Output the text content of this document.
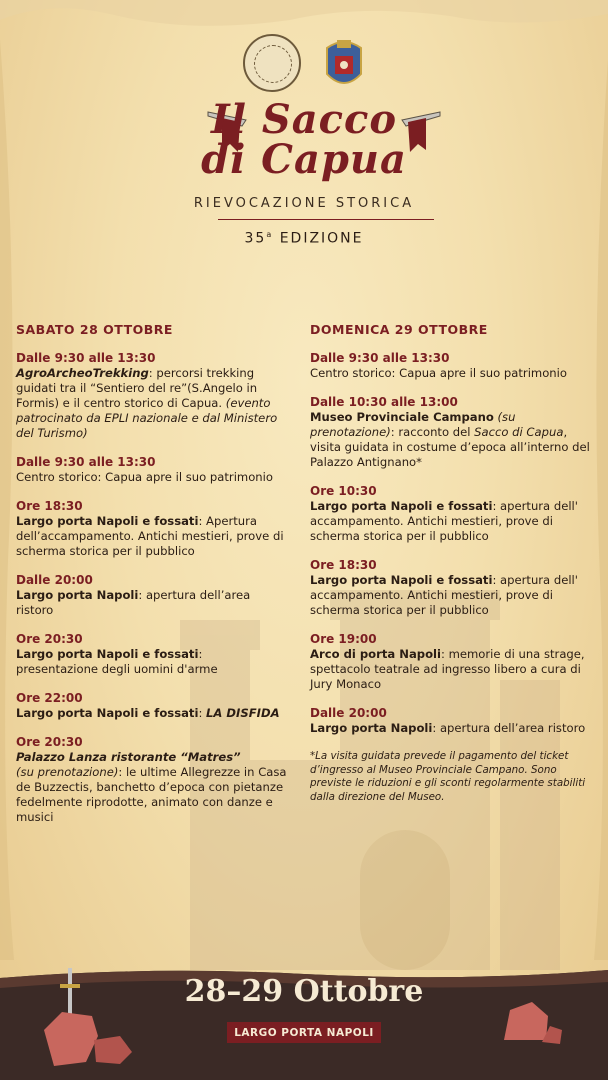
Il Sacco
di Capua
RIEVOCAZIONE STORICA
35$^a$ EDIZIONE
SABATO 28 OTTOBRE
Dalle 9:30 alle 13:30
AgroArcheoTrekking: percorsi trekking guidati tra il “Sentiero del re”(S.Angelo in Formis) e il centro storico di Capua. (evento patrocinato da EPLI nazionale e dal Ministero del Turismo)
Dalle 9:30 alle 13:30
Centro storico: Capua apre il suo patrimonio
Ore 18:30
Largo porta Napoli e fossati: Apertura dell’accampamento. Antichi mestieri, prove di scherma storica per il pubblico
Dalle 20:00
Largo porta Napoli: apertura dell’area ristoro
Ore 20:30
Largo porta Napoli e fossati: presentazione degli uomini d'arme
Ore 22:00
Largo porta Napoli e fossati: LA DISFIDA
Ore 20:30
Palazzo Lanza ristorante “Matres”
(su prenotazione): le ultime Allegrezze in Casa de Buzzectis, banchetto d’epoca con pietanze fedelmente riprodotte, animato con danze e musici
DOMENICA 29 OTTOBRE
Dalle 9:30 alle 13:30
Centro storico: Capua apre il suo patrimonio
Dalle 10:30 alle 13:00
Museo Provinciale Campano (su prenotazione): racconto del Sacco di Capua, visita guidata in costume d’epoca all’interno del Palazzo Antignano*
Ore 10:30
Largo porta Napoli e fossati: apertura dell' accampamento. Antichi mestieri, prove di scherma storica per il pubblico
Ore 18:30
Largo porta Napoli e fossati: apertura dell' accampamento. Antichi mestieri, prove di scherma storica per il pubblico
Ore 19:00
Arco di porta Napoli: memorie di una strage, spettacolo teatrale ad ingresso libero a cura di Jury Monaco
Dalle 20:00
Largo porta Napoli: apertura dell’area ristoro
*La visita guidata prevede il pagamento del ticket d’ingresso al Museo Provinciale Campano. Sono previste le riduzioni e gli sconti regolarmente stabiliti dalla direzione del Museo.
28–29 Ottobre
LARGO PORTA NAPOLI
